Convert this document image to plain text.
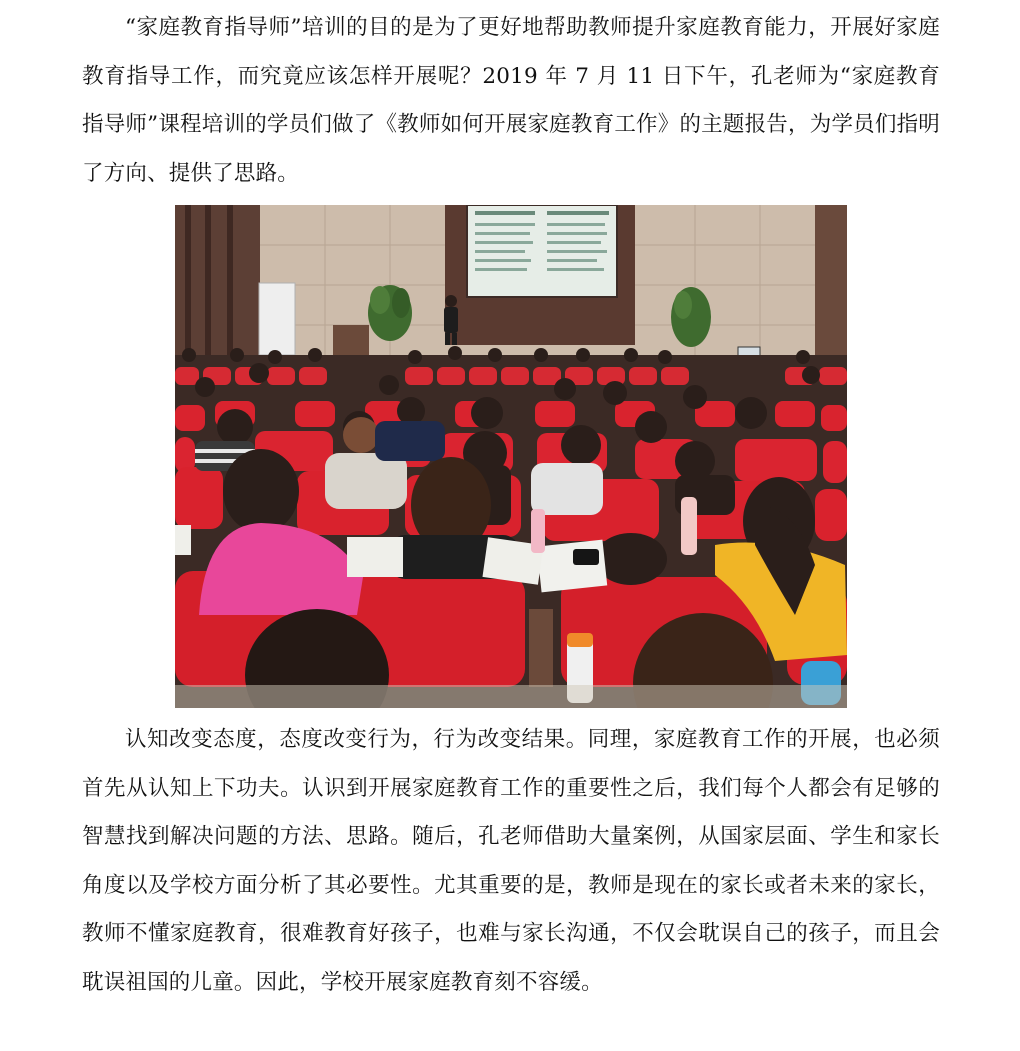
“家庭教育指导师”培训的目的是为了更好地帮助教师提升家庭教育能力，开展好家庭教育指导工作，而究竟应该怎样开展呢？2019 年 7 月 11 日下午，孔老师为“家庭教育指导师”课程培训的学员们做了《教师如何开展家庭教育工作》的主题报告，为学员们指明了方向、提供了思路。

认知改变态度，态度改变行为，行为改变结果。同理，家庭教育工作的开展，也必须首先从认知上下功夫。认识到开展家庭教育工作的重要性之后，我们每个人都会有足够的智慧找到解决问题的方法、思路。随后，孔老师借助大量案例，从国家层面、学生和家长角度以及学校方面分析了其必要性。尤其重要的是，教师是现在的家长或者未来的家长，教师不懂家庭教育，很难教育好孩子，也难与家长沟通，不仅会耽误自己的孩子，而且会耽误祖国的儿童。因此，学校开展家庭教育刻不容缓。
